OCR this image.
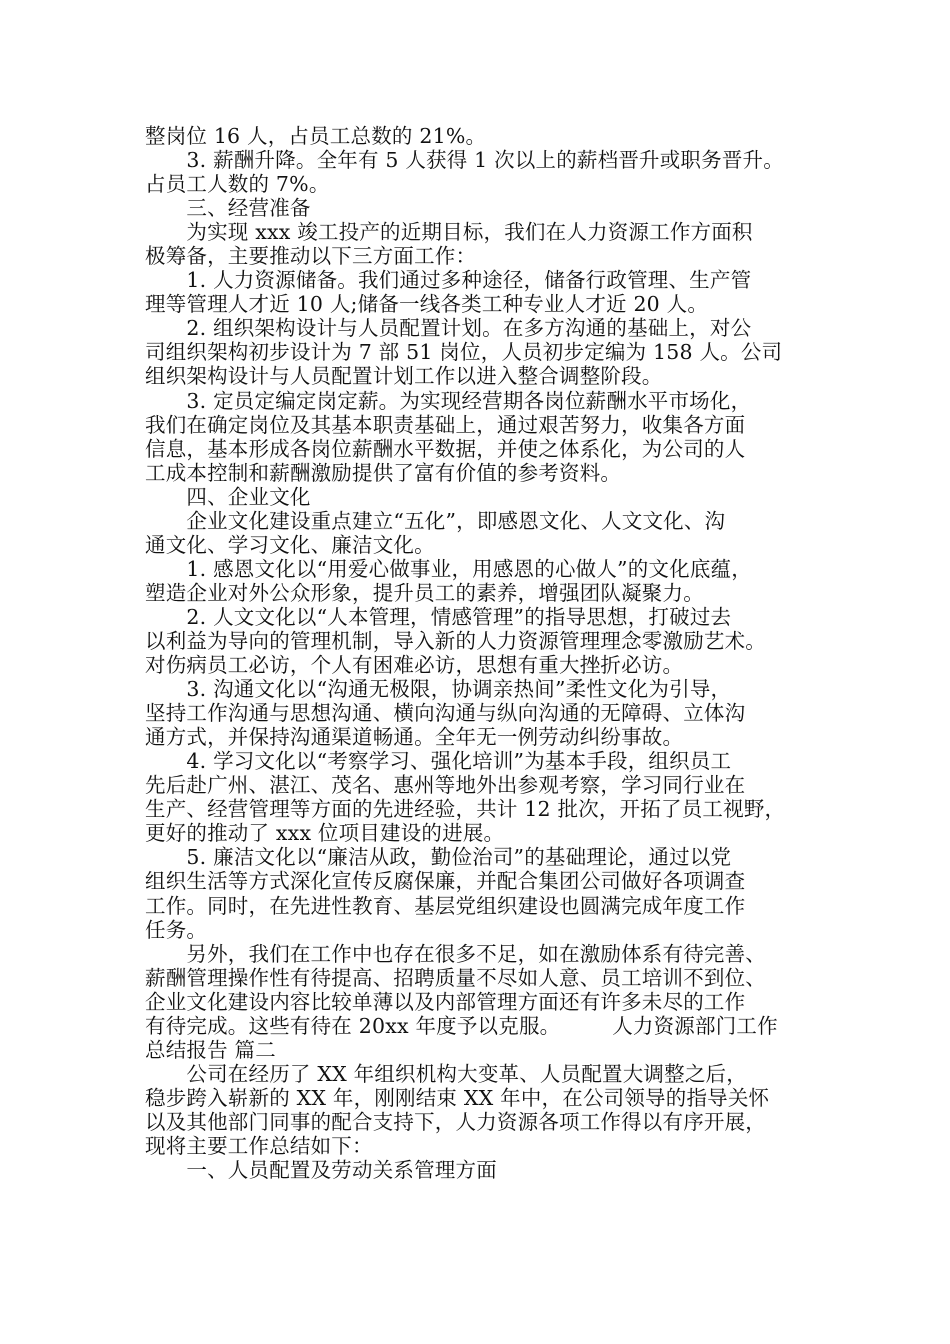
整岗位 16 人，占员工总数的 21%。
　　3. 薪酬升降。全年有 5 人获得 1 次以上的薪档晋升或职务晋升。
占员工人数的 7%。
　　三、经营准备
　　为实现 xxx 竣工投产的近期目标，我们在人力资源工作方面积
极筹备，主要推动以下三方面工作：
　　1. 人力资源储备。我们通过多种途径，储备行政管理、生产管
理等管理人才近 10 人;储备一线各类工种专业人才近 20 人。
　　2. 组织架构设计与人员配置计划。在多方沟通的基础上，对公
司组织架构初步设计为 7 部 51 岗位，人员初步定编为 158 人。公司
组织架构设计与人员配置计划工作以进入整合调整阶段。
　　3. 定员定编定岗定薪。为实现经营期各岗位薪酬水平市场化，
我们在确定岗位及其基本职责基础上，通过艰苦努力，收集各方面
信息，基本形成各岗位薪酬水平数据，并使之体系化，为公司的人
工成本控制和薪酬激励提供了富有价值的参考资料。
　　四、企业文化
　　企业文化建设重点建立“五化”，即感恩文化、人文文化、沟
通文化、学习文化、廉洁文化。
　　1. 感恩文化以“用爱心做事业，用感恩的心做人”的文化底蕴，
塑造企业对外公众形象，提升员工的素养，增强团队凝聚力。
　　2. 人文文化以“人本管理，情感管理”的指导思想，打破过去
以利益为导向的管理机制，导入新的人力资源管理理念零激励艺术。
对伤病员工必访，个人有困难必访，思想有重大挫折必访。
　　3. 沟通文化以“沟通无极限，协调亲热间”柔性文化为引导，
坚持工作沟通与思想沟通、横向沟通与纵向沟通的无障碍、立体沟
通方式，并保持沟通渠道畅通。全年无一例劳动纠纷事故。
　　4. 学习文化以“考察学习、强化培训”为基本手段，组织员工
先后赴广州、湛江、茂名、惠州等地外出参观考察，学习同行业在
生产、经营管理等方面的先进经验，共计 12 批次，开拓了员工视野，
更好的推动了 xxx 位项目建设的进展。
　　5. 廉洁文化以“廉洁从政，勤俭治司”的基础理论，通过以党
组织生活等方式深化宣传反腐保廉，并配合集团公司做好各项调查
工作。同时，在先进性教育、基层党组织建设也圆满完成年度工作
任务。
　　另外，我们在工作中也存在很多不足，如在激励体系有待完善、
薪酬管理操作性有待提高、招聘质量不尽如人意、员工培训不到位、
企业文化建设内容比较单薄以及内部管理方面还有许多未尽的工作
有待完成。这些有待在 20xx 年度予以克服。　　　人力资源部门工作
总结报告 篇二
　　公司在经历了 XX 年组织机构大变革、人员配置大调整之后，
稳步跨入崭新的 XX 年，刚刚结束 XX 年中，在公司领导的指导关怀
以及其他部门同事的配合支持下，人力资源各项工作得以有序开展，
现将主要工作总结如下：
　　一、人员配置及劳动关系管理方面
